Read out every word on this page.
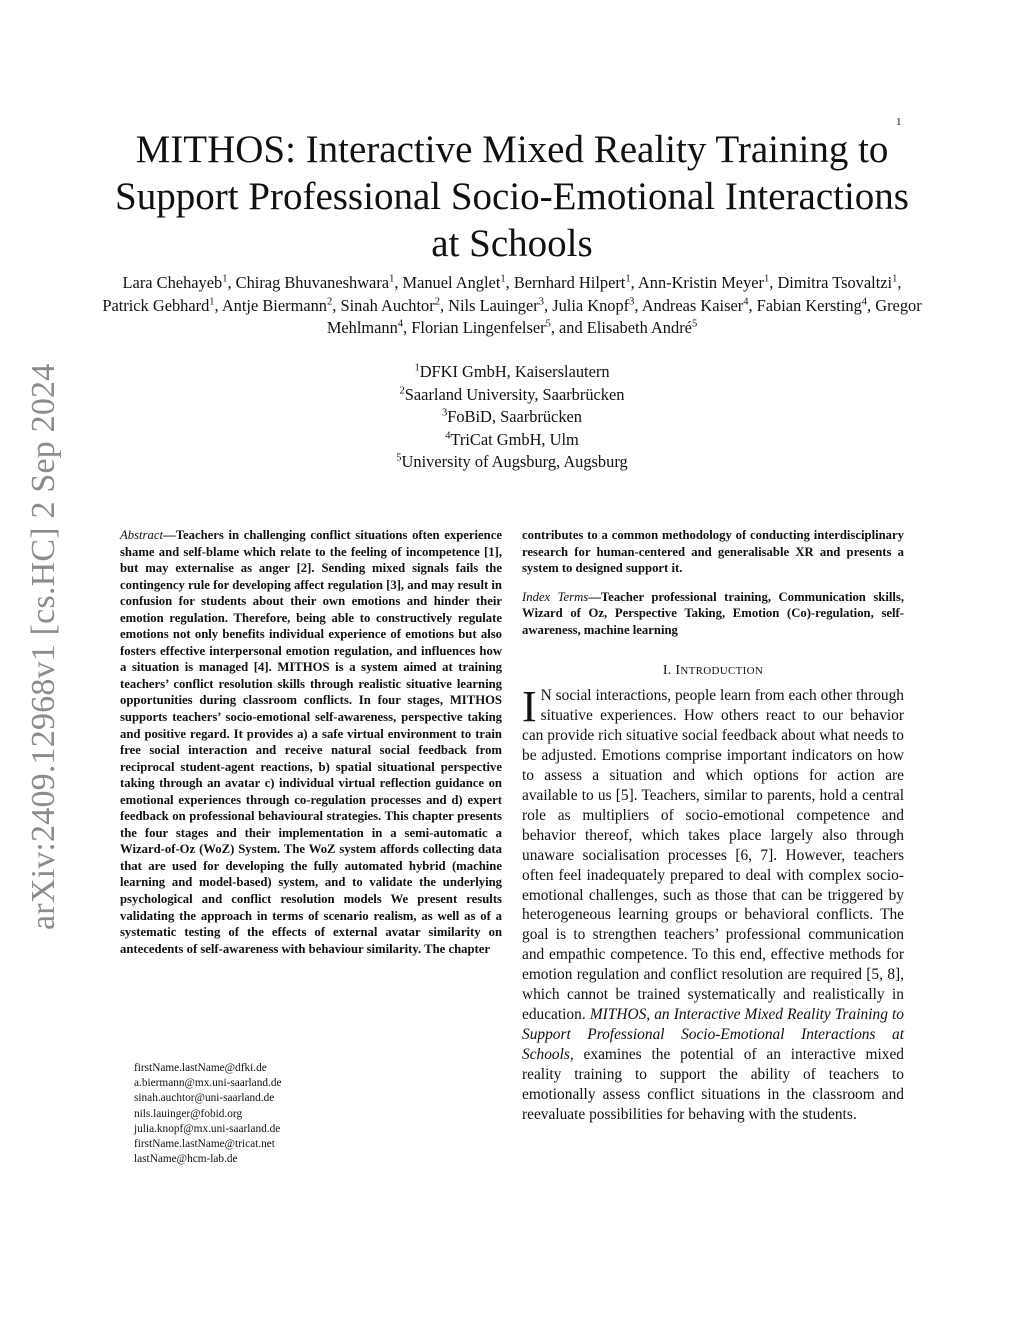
1
arXiv:2409.12968v1 [cs.HC] 2 Sep 2024
MITHOS: Interactive Mixed Reality Training to Support Professional Socio-Emotional Interactions at Schools
Lara Chehayeb$^1$, Chirag Bhuvaneshwara$^1$, Manuel Anglet$^1$, Bernhard Hilpert$^1$, Ann-Kristin Meyer$^1$, Dimitra Tsovaltzi$^1$, Patrick Gebhard$^1$, Antje Biermann$^2$, Sinah Auchtor$^2$, Nils Lauinger$^3$, Julia Knopf$^3$, Andreas Kaiser$^4$, Fabian Kersting$^4$, Gregor Mehlmann$^4$, Florian Lingenfelser$^5$, and Elisabeth André$^5$
$^1$DFKI GmbH, Kaiserslautern
$^2$Saarland University, Saarbrücken
$^3$FoBiD, Saarbrücken
$^4$TriCat GmbH, Ulm
$^5$University of Augsburg, Augsburg

Abstract—Teachers in challenging conflict situations often experience shame and self-blame which relate to the feeling of incompetence [1], but may externalise as anger [2]. Sending mixed signals fails the contingency rule for developing affect regulation [3], and may result in confusion for students about their own emotions and hinder their emotion regulation. Therefore, being able to constructively regulate emotions not only benefits individual experience of emotions but also fosters effective interpersonal emotion regulation, and influences how a situation is managed [4]. MITHOS is a system aimed at training teachers’ conflict resolution skills through realistic situative learning opportunities during classroom conflicts. In four stages, MITHOS supports teachers’ socio-emotional self-awareness, perspective taking and positive regard. It provides a) a safe virtual environment to train free social interaction and receive natural social feedback from reciprocal student-agent reactions, b) spatial situational perspective taking through an avatar c) individual virtual reflection guidance on emotional experiences through co-regulation processes and d) expert feedback on professional behavioural strategies. This chapter presents the four stages and their implementation in a semi-automatic a Wizard-of-Oz (WoZ) System. The WoZ system affords collecting data that are used for developing the fully automated hybrid (machine learning and model-based) system, and to validate the underlying psychological and conflict resolution models We present results validating the approach in terms of scenario realism, as well as of a systematic testing of the effects of external avatar similarity on antecedents of self-awareness with behaviour similarity. The chapter

firstName.lastName@dfki.de
a.biermann@mx.uni-saarland.de
sinah.auchtor@uni-saarland.de
nils.lauinger@fobid.org
julia.knopf@mx.uni-saarland.de
firstName.lastName@tricat.net
lastName@hcm-lab.de

contributes to a common methodology of conducting interdisciplinary research for human-centered and generalisable XR and presents a system to designed support it.

Index Terms—Teacher professional training, Communication skills, Wizard of Oz, Perspective Taking, Emotion (Co)-regulation, self-awareness, machine learning

I. INTRODUCTION

I N social interactions, people learn from each other through situative experiences. How others react to our behavior can provide rich situative social feedback about what needs to be adjusted. Emotions comprise important indicators on how to assess a situation and which options for action are available to us [5]. Teachers, similar to parents, hold a central role as multipliers of socio-emotional competence and behavior thereof, which takes place largely also through unaware socialisation processes [6, 7]. However, teachers often feel inadequately prepared to deal with complex socio-emotional challenges, such as those that can be triggered by heterogeneous learning groups or behavioral conflicts. The goal is to strengthen teachers’ professional communication and empathic competence. To this end, effective methods for emotion regulation and conflict resolution are required [5, 8], which cannot be trained systematically and realistically in education. MITHOS, an Interactive Mixed Reality Training to Support Professional Socio-Emotional Interactions at Schools, examines the potential of an interactive mixed reality training to support the ability of teachers to emotionally assess conflict situations in the classroom and reevaluate possibilities for behaving with the students.
